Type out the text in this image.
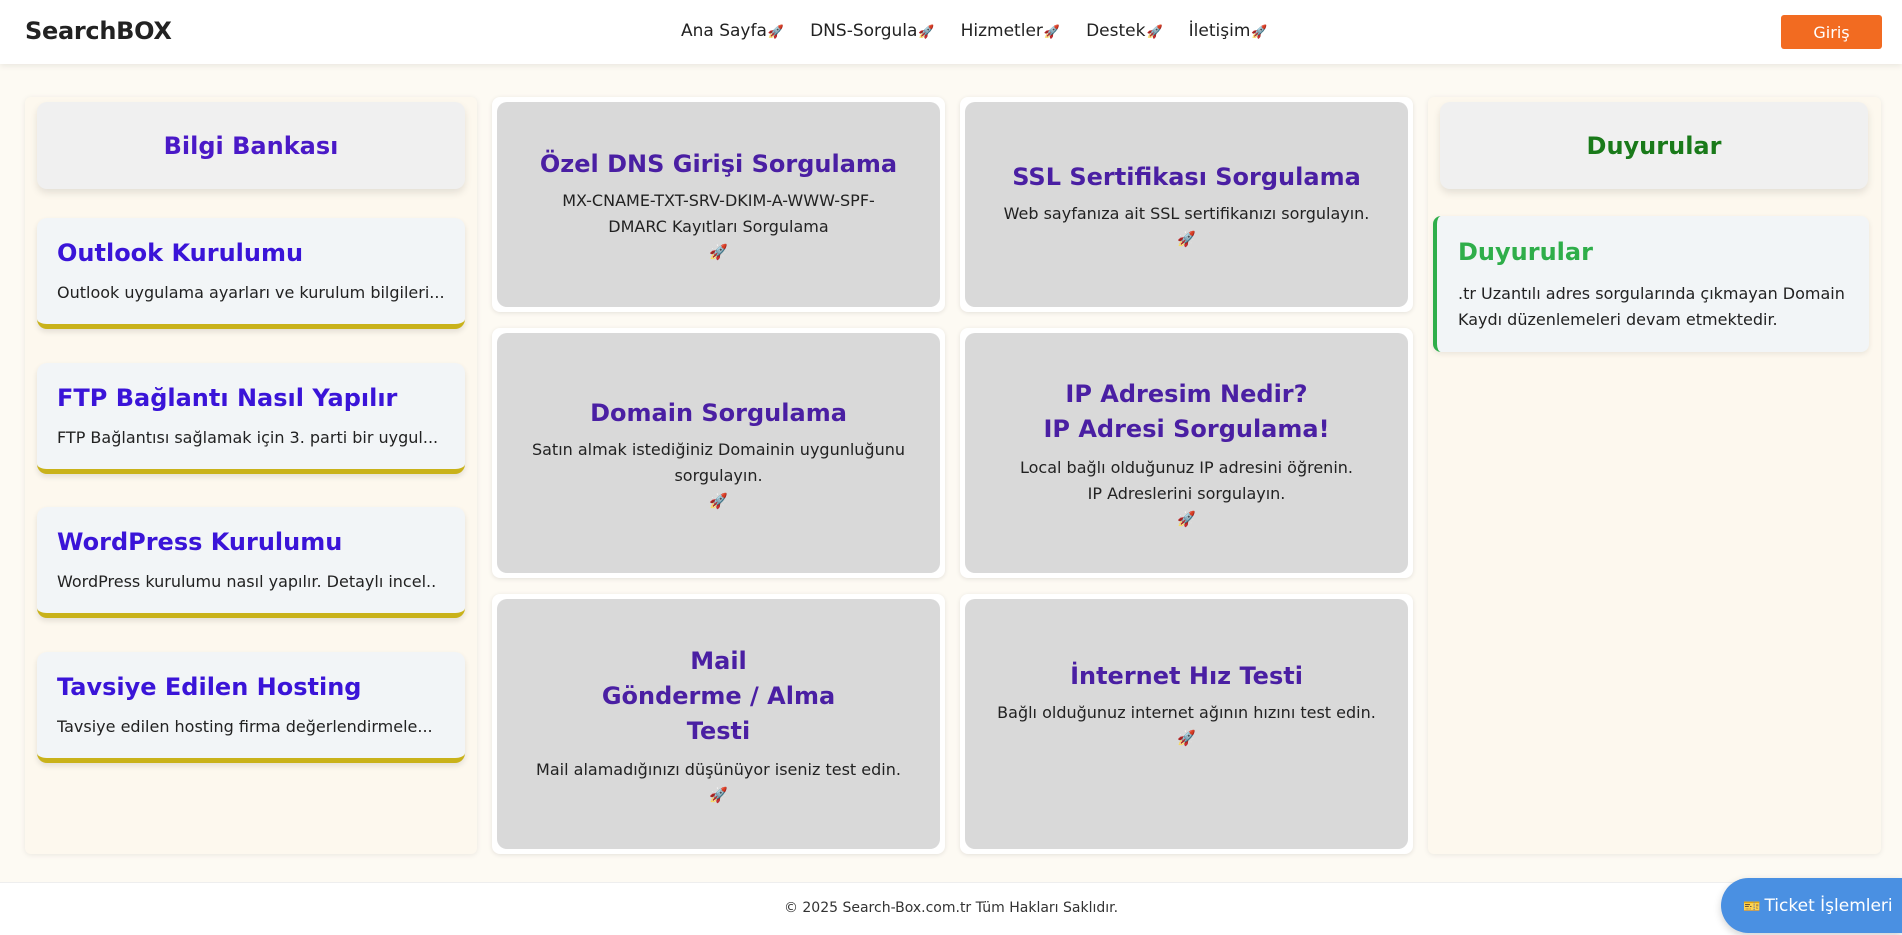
SearchBOX	Ana Sayfa🚀 DNS-Sorgula🚀 Hizmetler🚀 Destek🚀 İletişim🚀	Giriş
Bilgi Bankası
Outlook Kurulumu
Outlook uygulama ayarları ve kurulum bilgileri...
FTP Bağlantı Nasıl Yapılır
FTP Bağlantısı sağlamak için 3. parti bir uygul...
WordPress Kurulumu
WordPress kurulumu nasıl yapılır. Detaylı incel..
Tavsiye Edilen Hosting
Tavsiye edilen hosting firma değerlendirmele...
Özel DNS Girişi Sorgulama
MX-CNAME-TXT-SRV-DKIM-A-WWW-SPF-DMARC Kayıtları Sorgulama
🚀
SSL Sertifikası Sorgulama
Web sayfanıza ait SSL sertifikanızı sorgulayın.
🚀
Domain Sorgulama
Satın almak istediğiniz Domainin uygunluğunu sorgulayın.
🚀
IP Adresim Nedir?
IP Adresi Sorgulama!
Local bağlı olduğunuz IP adresini öğrenin.
IP Adreslerini sorgulayın.
🚀
Mail
Gönderme / Alma
Testi
Mail alamadığınızı düşünüyor iseniz test edin.
🚀
İnternet Hız Testi
Bağlı olduğunuz internet ağının hızını test edin.
🚀
Duyurular
Duyurular
.tr Uzantılı adres sorgularında çıkmayan Domain Kaydı düzenlemeleri devam etmektedir.
© 2025 Search-Box.com.tr Tüm Hakları Saklıdır.	🎫 Ticket İşlemleri
